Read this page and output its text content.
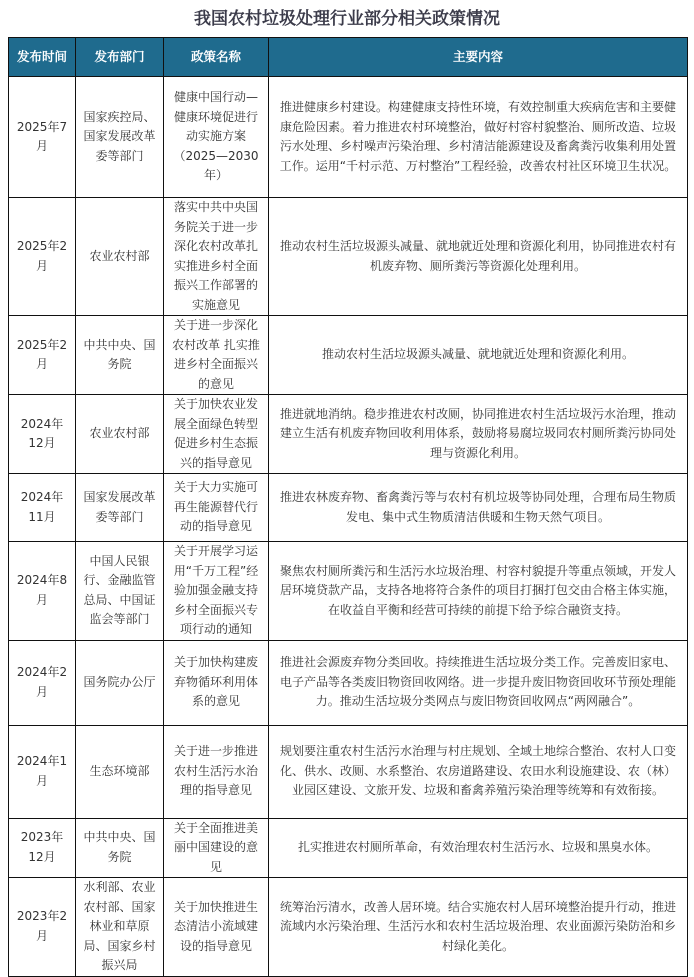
我国农村垃圾处理行业部分相关政策情况
发布时间	发布部门	政策名称	主要内容
2025年7月	国家疾控局、国家发展改革委等部门	健康中国行动—健康环境促进行动实施方案（2025—2030年）	推进健康乡村建设。构建健康支持性环境，有效控制重大疾病危害和主要健康危险因素。着力推进农村环境整治，做好村容村貌整治、厕所改造、垃圾污水处理、乡村噪声污染治理、乡村清洁能源建设及畜禽粪污收集利用处置工作。运用“千村示范、万村整治”工程经验，改善农村社区环境卫生状况。
2025年2月	农业农村部	落实中共中央国务院关于进一步深化农村改革扎实推进乡村全面振兴工作部署的实施意见	推动农村生活垃圾源头减量、就地就近处理和资源化利用，协同推进农村有机废弃物、厕所粪污等资源化处理利用。
2025年2月	中共中央、国务院	关于进一步深化农村改革 扎实推进乡村全面振兴的意见	推动农村生活垃圾源头减量、就地就近处理和资源化利用。
2024年12月	农业农村部	关于加快农业发展全面绿色转型促进乡村生态振兴的指导意见	推进就地消纳。稳步推进农村改厕，协同推进农村生活垃圾污水治理，推动建立生活有机废弃物回收利用体系，鼓励将易腐垃圾同农村厕所粪污协同处理与资源化利用。
2024年11月	国家发展改革委等部门	关于大力实施可再生能源替代行动的指导意见	推进农林废弃物、畜禽粪污等与农村有机垃圾等协同处理，合理布局生物质发电、集中式生物质清洁供暖和生物天然气项目。
2024年8月	中国人民银行、金融监管总局、中国证监会等部门	关于开展学习运用“千万工程”经验加强金融支持乡村全面振兴专项行动的通知	聚焦农村厕所粪污和生活污水垃圾治理、村容村貌提升等重点领域，开发人居环境贷款产品，支持各地将符合条件的项目打捆打包交由合格主体实施，在收益自平衡和经营可持续的前提下给予综合融资支持。
2024年2月	国务院办公厅	关于加快构建废弃物循环利用体系的意见	推进社会源废弃物分类回收。持续推进生活垃圾分类工作。完善废旧家电、电子产品等各类废旧物资回收网络。进一步提升废旧物资回收环节预处理能力。推动生活垃圾分类网点与废旧物资回收网点“两网融合”。
2024年1月	生态环境部	关于进一步推进农村生活污水治理的指导意见	规划要注重农村生活污水治理与村庄规划、全域土地综合整治、农村人口变化、供水、改厕、水系整治、农房道路建设、农田水利设施建设、农（林）业园区建设、文旅开发、垃圾和畜禽养殖污染治理等统筹和有效衔接。
2023年12月	中共中央、国务院	关于全面推进美丽中国建设的意见	扎实推进农村厕所革命，有效治理农村生活污水、垃圾和黑臭水体。
2023年2月	水利部、农业农村部、国家林业和草原局、国家乡村振兴局	关于加快推进生态清洁小流域建设的指导意见	统筹治污清水，改善人居环境。结合实施农村人居环境整治提升行动，推进流域内水污染治理、生活污水和农村生活垃圾治理、农业面源污染防治和乡村绿化美化。
